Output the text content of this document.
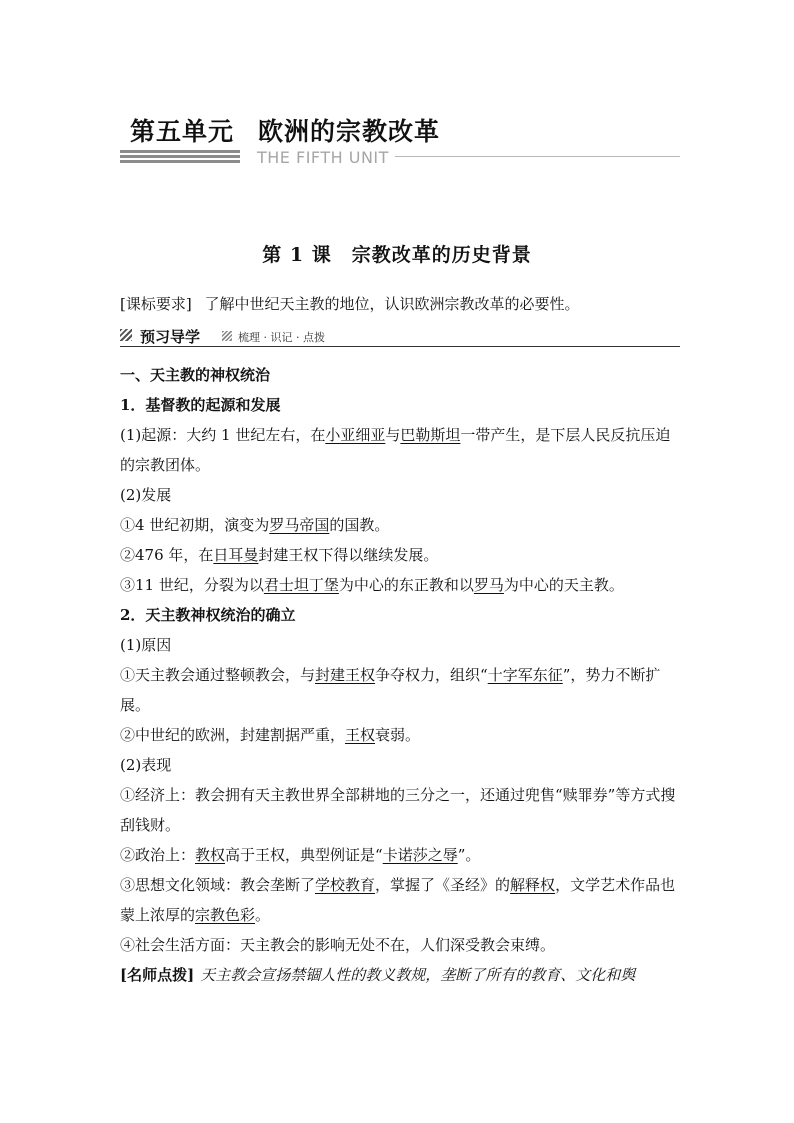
第五单元 欧洲的宗教改革
THE FIFTH UNIT
第 1 课　宗教改革的历史背景
[课标要求] 了解中世纪天主教的地位，认识欧洲宗教改革的必要性。
预习导学	梳理 · 识记 · 点拨

一、天主教的神权统治

1．基督教的起源和发展

(1)起源：大约 1 世纪左右，在小亚细亚与巴勒斯坦一带产生，是下层人民反抗压迫的宗教团体。

(2)发展

①4 世纪初期，演变为罗马帝国的国教。

②476 年，在日耳曼封建王权下得以继续发展。

③11 世纪，分裂为以君士坦丁堡为中心的东正教和以罗马为中心的天主教。

2．天主教神权统治的确立

(1)原因

①天主教会通过整顿教会，与封建王权争夺权力，组织“十字军东征”，势力不断扩展。

②中世纪的欧洲，封建割据严重，王权衰弱。

(2)表现

①经济上：教会拥有天主教世界全部耕地的三分之一，还通过兜售“赎罪券”等方式搜刮钱财。

②政治上：教权高于王权，典型例证是“卡诺莎之辱”。

③思想文化领域：教会垄断了学校教育，掌握了《圣经》的解释权，文学艺术作品也蒙上浓厚的宗教色彩。

④社会生活方面：天主教会的影响无处不在，人们深受教会束缚。

[名师点拨] 天主教会宣扬禁锢人性的教义教规，垄断了所有的教育、文化和舆
